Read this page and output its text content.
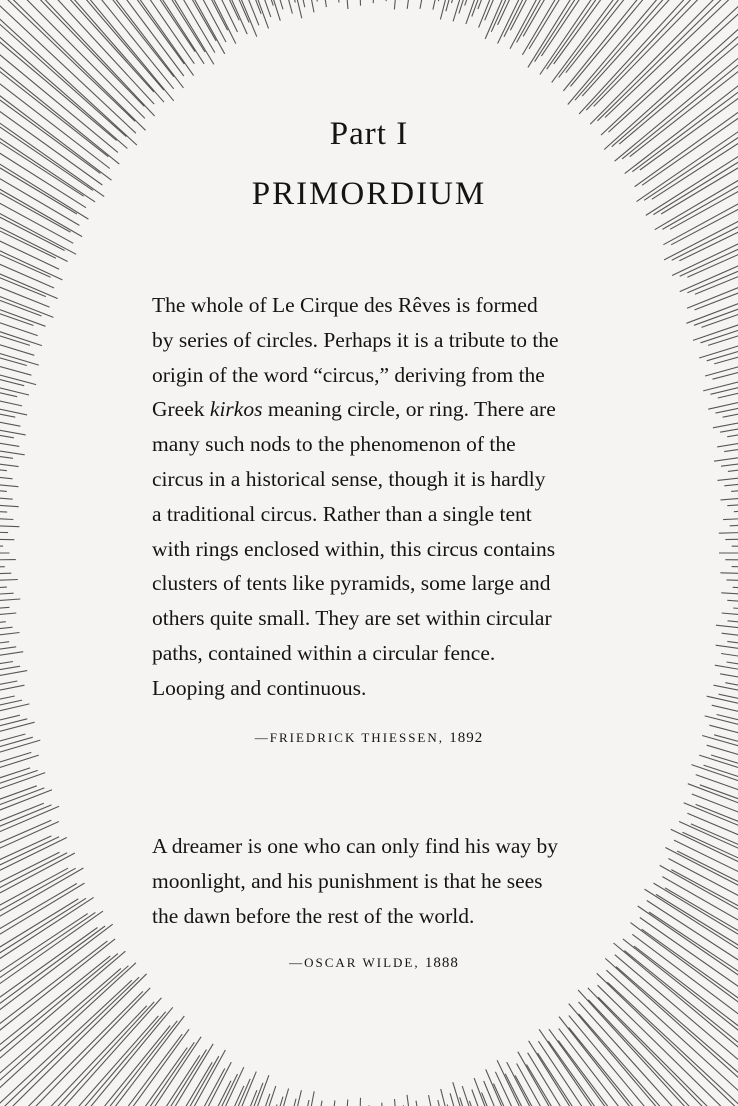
Part I
PRIMORDIUM
The whole of Le Cirque des Rêves is formed
by series of circles. Perhaps it is a tribute to the
origin of the word “circus,” deriving from the
Greek kirkos meaning circle, or ring. There are
many such nods to the phenomenon of the
circus in a historical sense, though it is hardly
a traditional circus. Rather than a single tent
with rings enclosed within, this circus contains
clusters of tents like pyramids, some large and
others quite small. They are set within circular
paths, contained within a circular fence.
Looping and continuous.
—FRIEDRICK THIESSEN, 1892
A dreamer is one who can only find his way by
moonlight, and his punishment is that he sees
the dawn before the rest of the world.
—OSCAR WILDE, 1888
